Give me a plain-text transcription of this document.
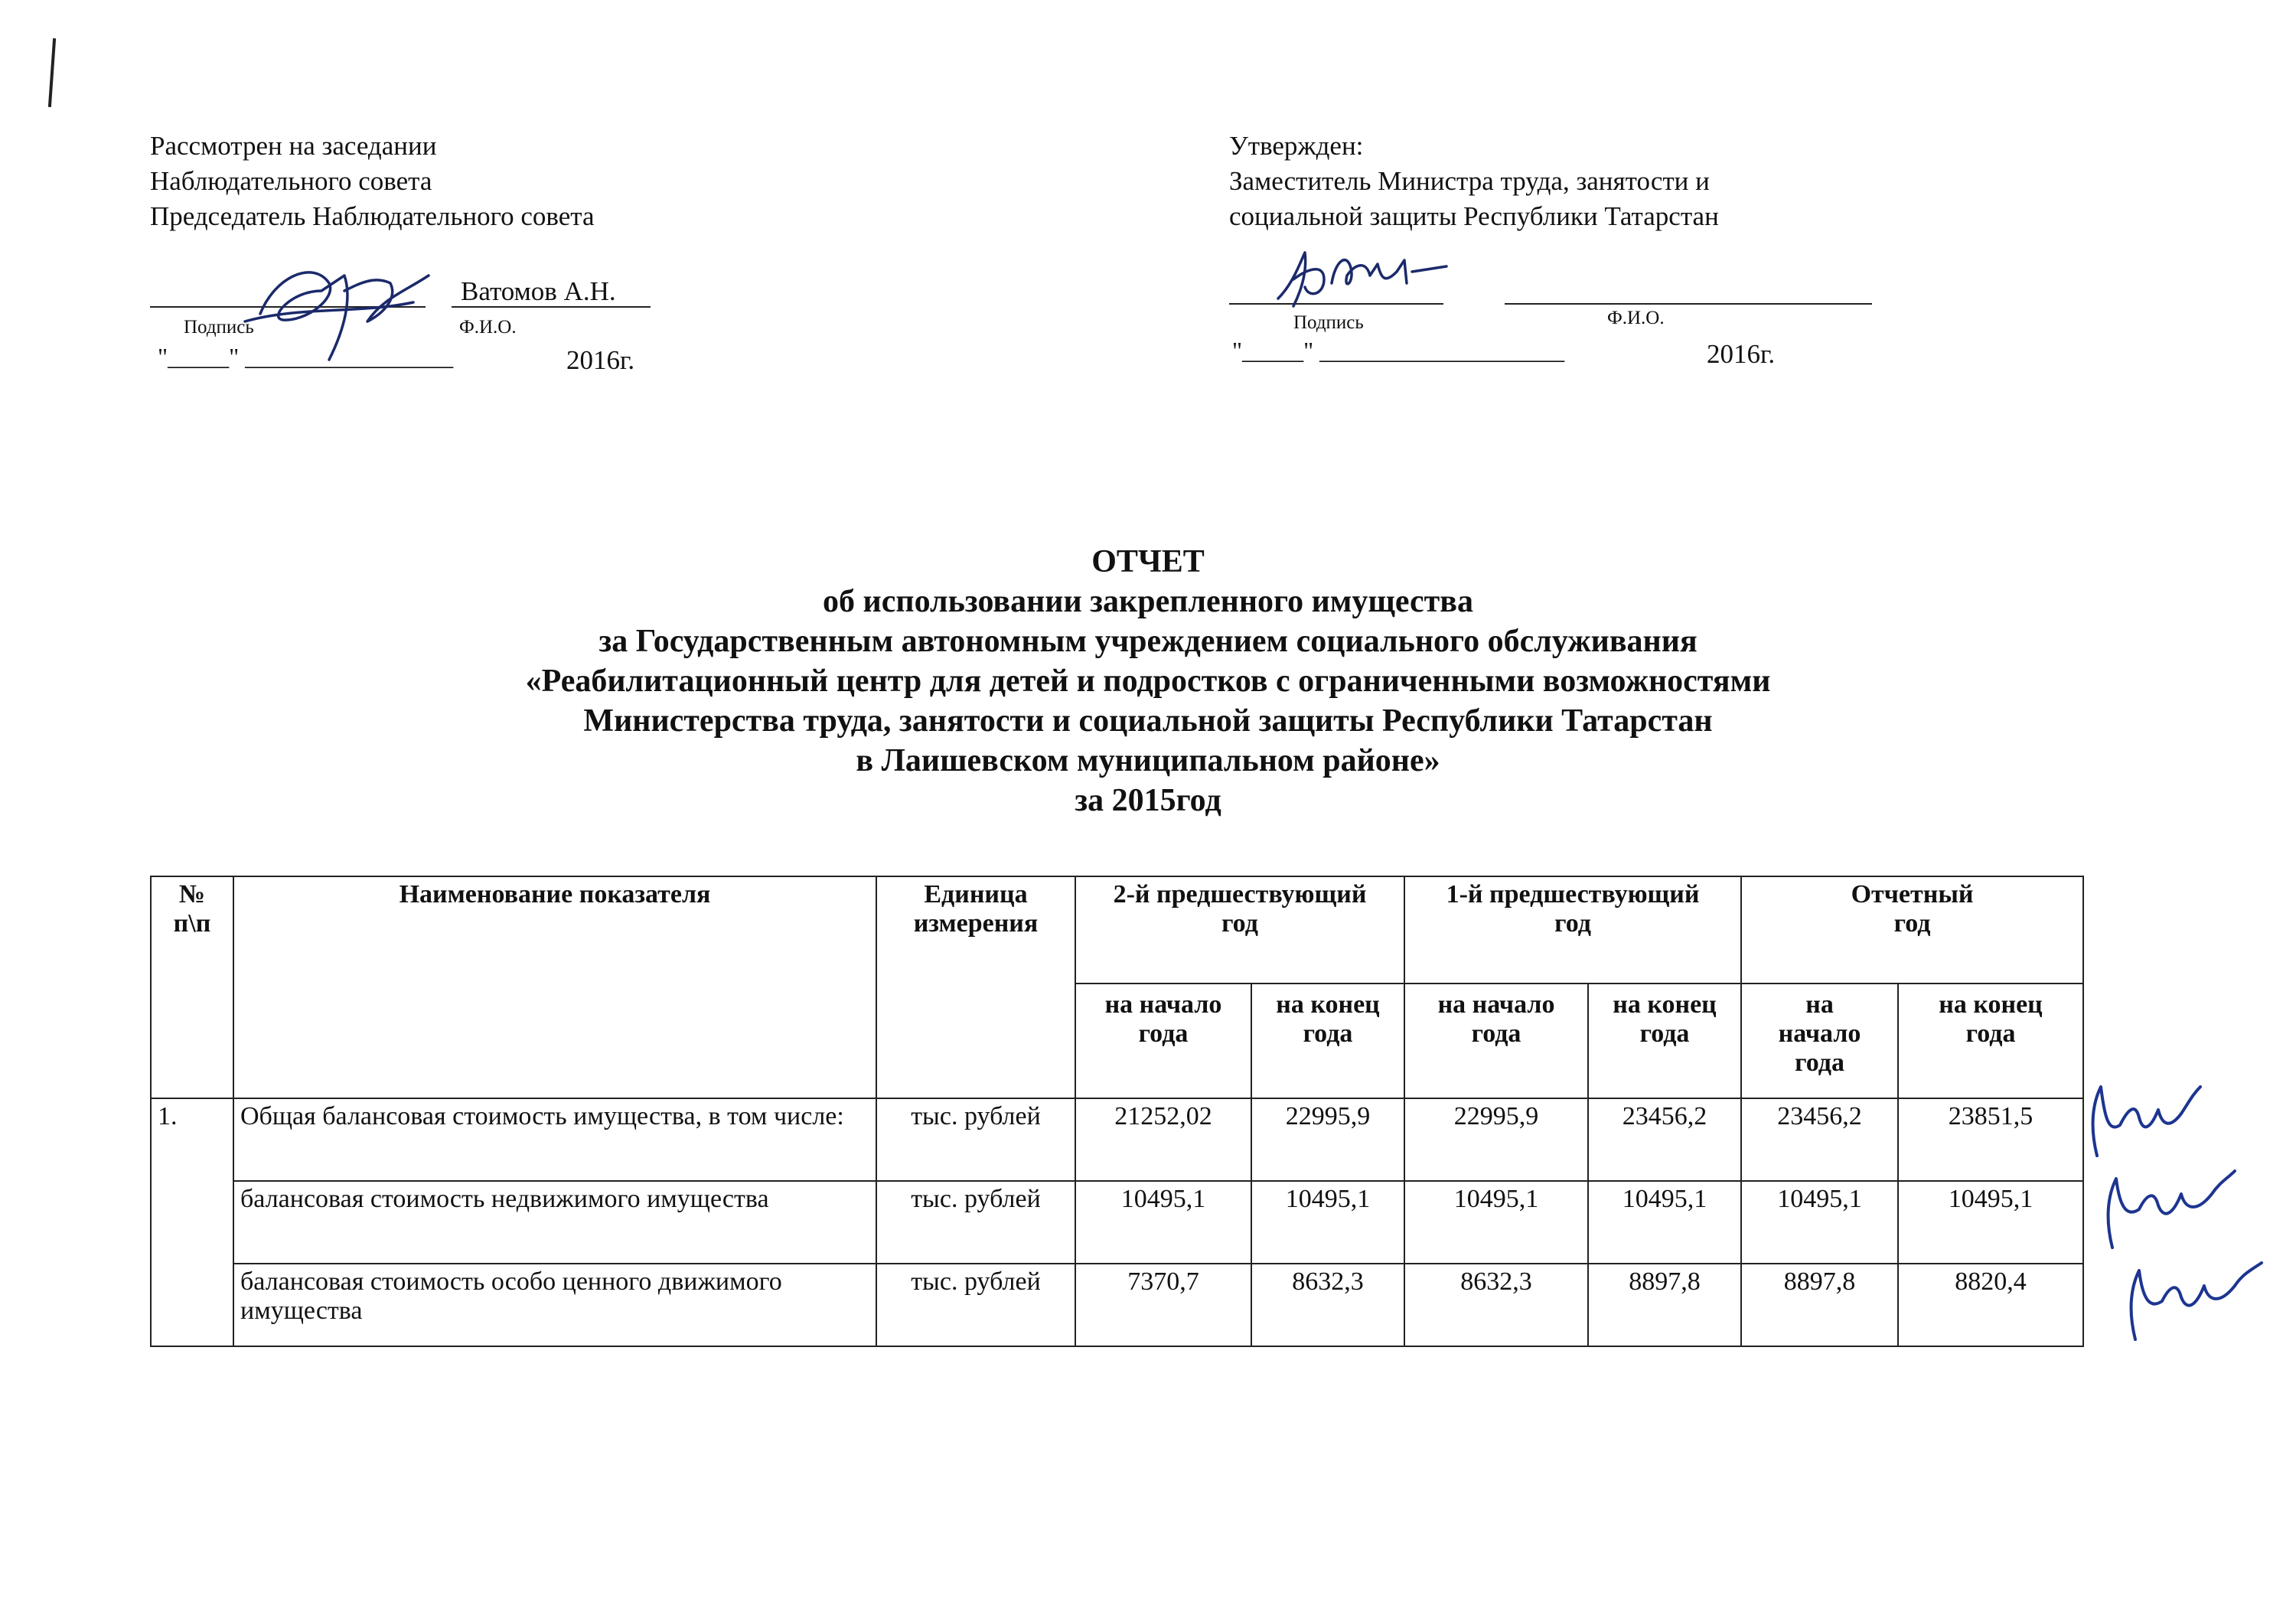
Рассмотрен на заседании
Наблюдательного совета
Председатель Наблюдательного совета
Ватомов А.Н.
Подпись	Ф.И.О.
"_____" _________________	2016г.
Утвержден:
Заместитель Министра труда, занятости и
социальной защиты Республики Татарстан
Подпись	Ф.И.О.
"_____" ____________________	2016г.
ОТЧЕТ
об использовании закрепленного имущества
за Государственным автономным учреждением социального обслуживания
«Реабилитационный центр для детей и подростков с ограниченными возможностями
Министерства труда, занятости и социальной защиты Республики Татарстан
в Лаишевском муниципальном районе»
за 2015год
№ п\п	Наименование показателя	Единица измерения	2-й предшествующий год		1-й предшествующий год		Отчетный год	
			на начало года	на конец года	на начало года	на конец года	на начало года	на конец года
1.	Общая балансовая стоимость имущества, в том числе:	тыс. рублей	21252,02	22995,9	22995,9	23456,2	23456,2	23851,5
	балансовая стоимость недвижимого имущества	тыс. рублей	10495,1	10495,1	10495,1	10495,1	10495,1	10495,1
	балансовая стоимость особо ценного движимого имущества	тыс. рублей	7370,7	8632,3	8632,3	8897,8	8897,8	8820,4
